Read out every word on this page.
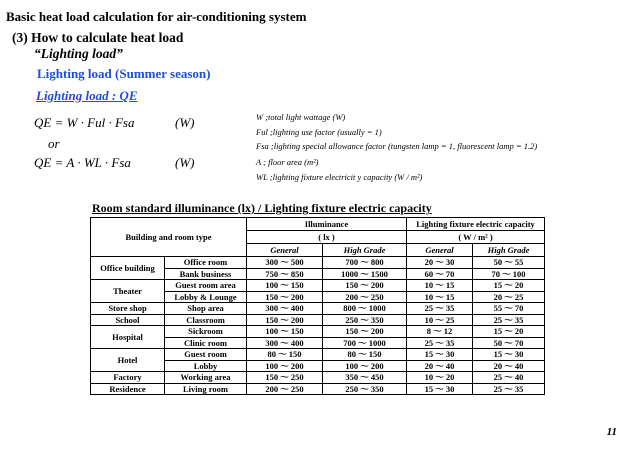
Basic heat load calculation for air-conditioning system
(3) How to calculate heat load
“Lighting load”
Lighting load (Summer season)
Lighting load : QE
QE = W · Ful · Fsa	(W)
or
QE = A · WL · Fsa	(W)
W ;total light wattage (W)
Ful ;lighting use factor (usually = 1)
Fsa ;lighting special allowance factor (tungsten lamp = 1, fluorescent lamp = 1.2)
A ; floor area (m²)
WL ;lighting fixture electricit y capacity (W / m²)
Room standard illuminance (lx) / Lighting fixture electric capacity
Building and room type		Illuminance		Lighting fixture electric capacity	
		( lx )		( W / m² )	
		General	High Grade	General	High Grade
Office building	Office room	300 ～ 500	700 ～ 800	20 ～ 30	50 ～ 55
	Bank business	750 ～ 850	1000 ～ 1500	60 ～ 70	70 ～ 100
Theater	Guest room area	100 ～ 150	150 ～ 200	10 ～ 15	15 ～ 20
	Lobby & Lounge	150 ～ 200	200 ～ 250	10 ～ 15	20 ～ 25
Store shop	Shop area	300 ～ 400	800 ～ 1000	25 ～ 35	55 ～ 70
School	Classroom	150 ～ 200	250 ～ 350	10 ～ 25	25 ～ 35
Hospital	Sickroom	100 ～ 150	150 ～ 200	8 ～ 12	15 ～ 20
	Clinic room	300 ～ 400	700 ～ 1000	25 ～ 35	50 ～ 70
Hotel	Guest room	80 ～ 150	80 ～ 150	15 ～ 30	15 ～ 30
	Lobby	100 ～ 200	100 ～ 200	20 ～ 40	20 ～ 40
Factory	Working area	150 ～ 250	350 ～ 450	10 ～ 20	25 ～ 40
Residence	Living room	200 ～ 250	250 ～ 350	15 ～ 30	25 ～ 35
11
